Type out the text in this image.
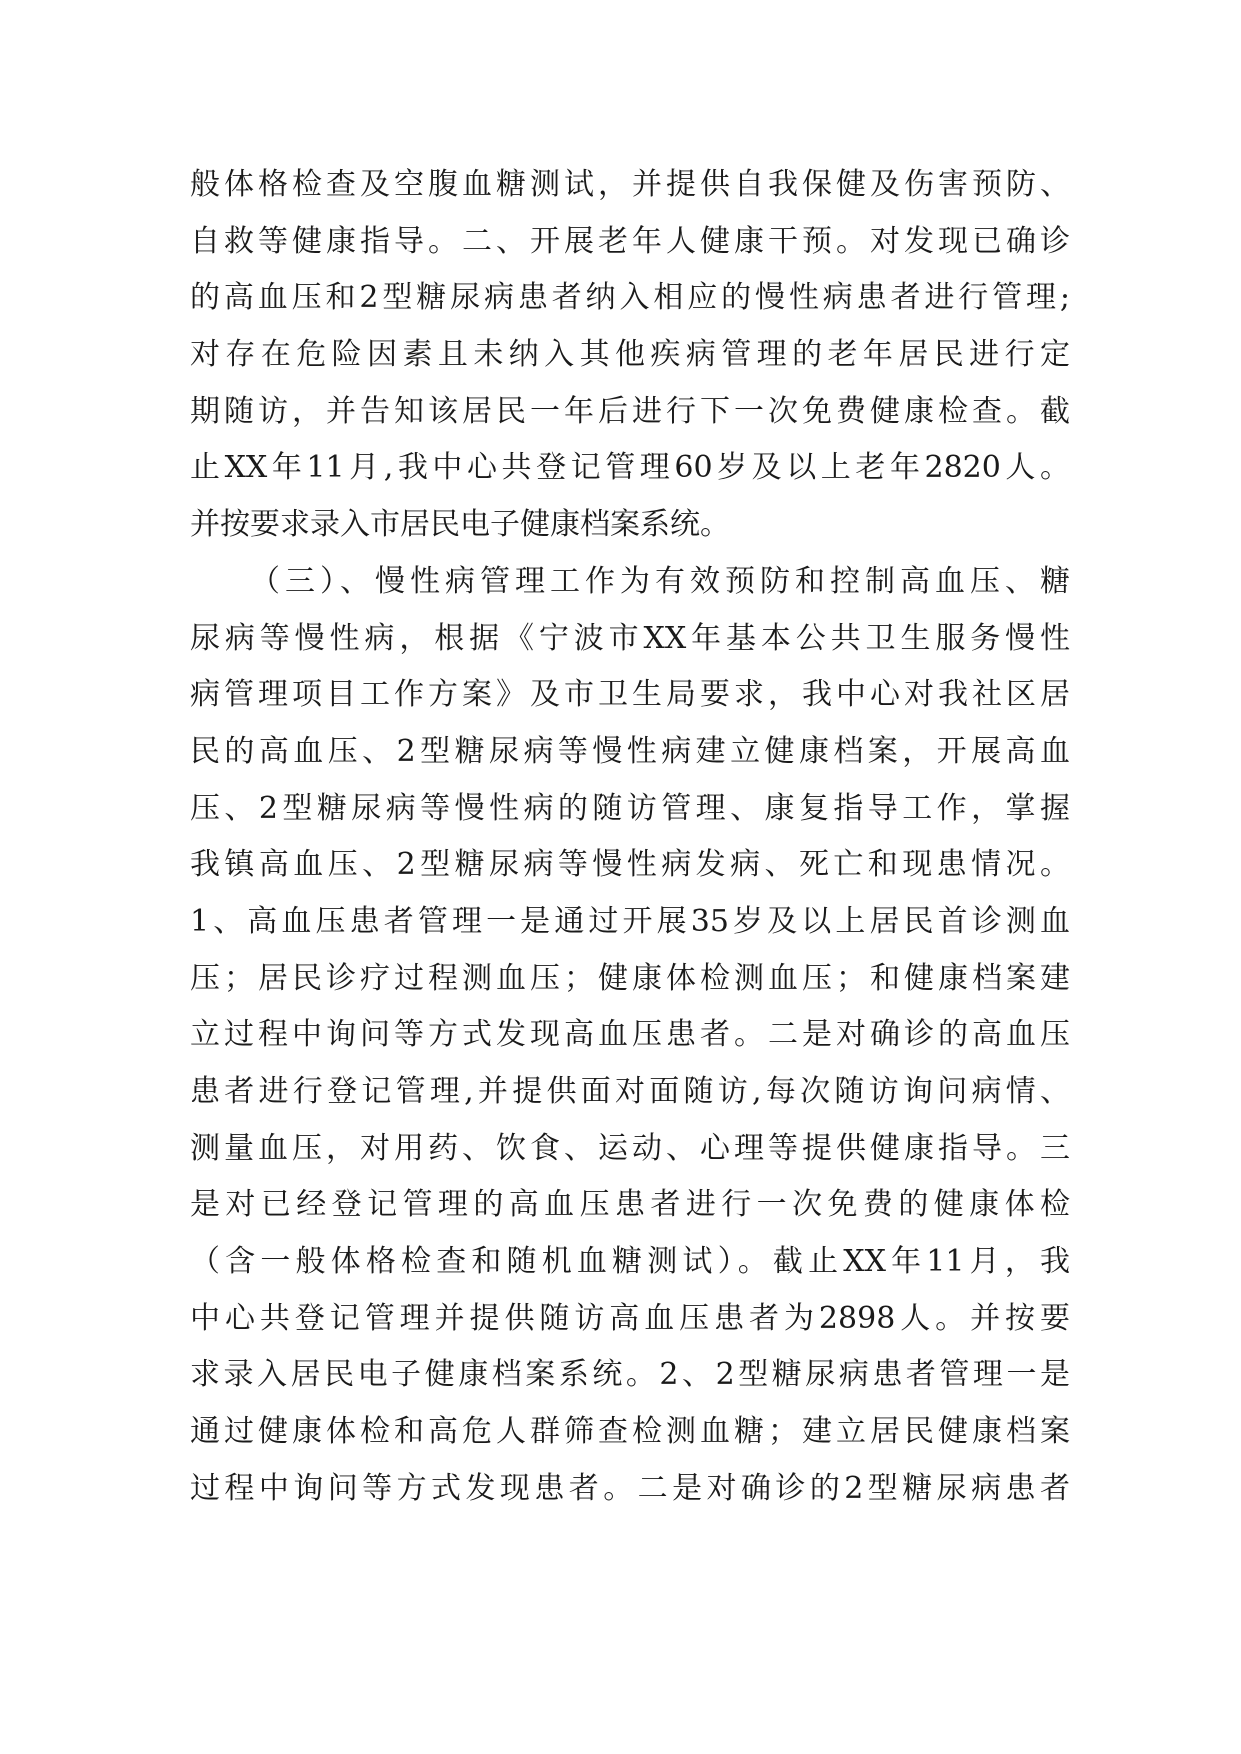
般体格检查及空腹血糖测试，并提供自我保健及伤害预防、
自救等健康指导。二、开展老年人健康干预。对发现已确诊
的高血压和2型糖尿病患者纳入相应的慢性病患者进行管理;
对存在危险因素且未纳入其他疾病管理的老年居民进行定
期随访，并告知该居民一年后进行下一次免费健康检查。截
止XX年11月,我中心共登记管理60岁及以上老年2820人。
并按要求录入市居民电子健康档案系统。
（三）、慢性病管理工作为有效预防和控制高血压、糖
尿病等慢性病，根据《宁波市XX年基本公共卫生服务慢性
病管理项目工作方案》及市卫生局要求，我中心对我社区居
民的高血压、2型糖尿病等慢性病建立健康档案，开展高血
压、2型糖尿病等慢性病的随访管理、康复指导工作，掌握
我镇高血压、2型糖尿病等慢性病发病、死亡和现患情况。
1、高血压患者管理一是通过开展35岁及以上居民首诊测血
压；居民诊疗过程测血压；健康体检测血压；和健康档案建
立过程中询问等方式发现高血压患者。二是对确诊的高血压
患者进行登记管理,并提供面对面随访,每次随访询问病情、
测量血压，对用药、饮食、运动、心理等提供健康指导。三
是对已经登记管理的高血压患者进行一次免费的健康体检
（含一般体格检查和随机血糖测试）。截止XX年11月，我
中心共登记管理并提供随访高血压患者为2898人。并按要
求录入居民电子健康档案系统。2、2型糖尿病患者管理一是
通过健康体检和高危人群筛查检测血糖；建立居民健康档案
过程中询问等方式发现患者。二是对确诊的2型糖尿病患者
